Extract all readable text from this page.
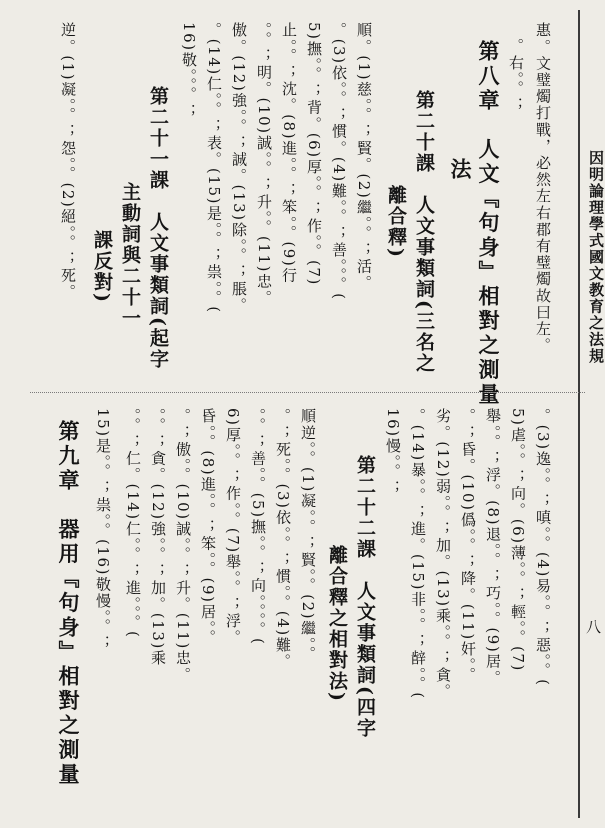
因明論理學式國文教育之法規
八
惠。文璧燭打戰，必然左右郡有璧燭故曰左。
。右。。；
第八章　人文『句身』相對之測量
法
第二十課　人文事類詞(三名之
離合釋)
順。(1)慈。。；賢。(2)繼。。；活。
。(3)依。。；慣。(4)難。。；善。。。(
5)撫。。；背。(6)厚。。；作。。(7)
止。。；沈。(8)進。。；笨。。(9)行
。。；明。(10)誠。。；升。。(11)忠。
傲。(12)強。。；誠。(13)除。。；脹。
。(14)仁。。；表。(15)是。。；祟。。(
16)敬。。。；
第二十一課　人文事類詞(起字
主動詞與二十一
課反對)
逆。(1)凝。。；怨。。(2)絕。。；死。
。(3)逸。。；嗔。。(4)易。。；惡。。(
5)虐。。；向。(6)薄。。；輕。。(7)
舉。。；浮。(8)退。。；巧。。(9)居。
。；昏。(10)僞。。；降。(11)奸。。
劣。(12)弱。。；加。(13)乘。。；貪。
。(14)暴。。；進。(15)非。。；辪。。(
16)慢。。；
第二十二課　人文事類詞(四字
離合釋之相對法)
順逆。。(1)凝。。；賢。。(2)繼。。
。；死。。(3)依。。；慣。。(4)難。
。。；善。。(5)撫。。；向。。。。(
6)厚。。；作。。(7)舉。。；浮。
昏。。(8)進。。；笨。。(9)居。。
。；傲。。(10)誠。。；升。(11)忠。
。。；貪。(12)強。。；加。(13)乘
。。；仁。(14)仁。。；進。。。(
15)是。。；祟。。(16)敬慢。。；
第九章　器用『句身』相對之測量
